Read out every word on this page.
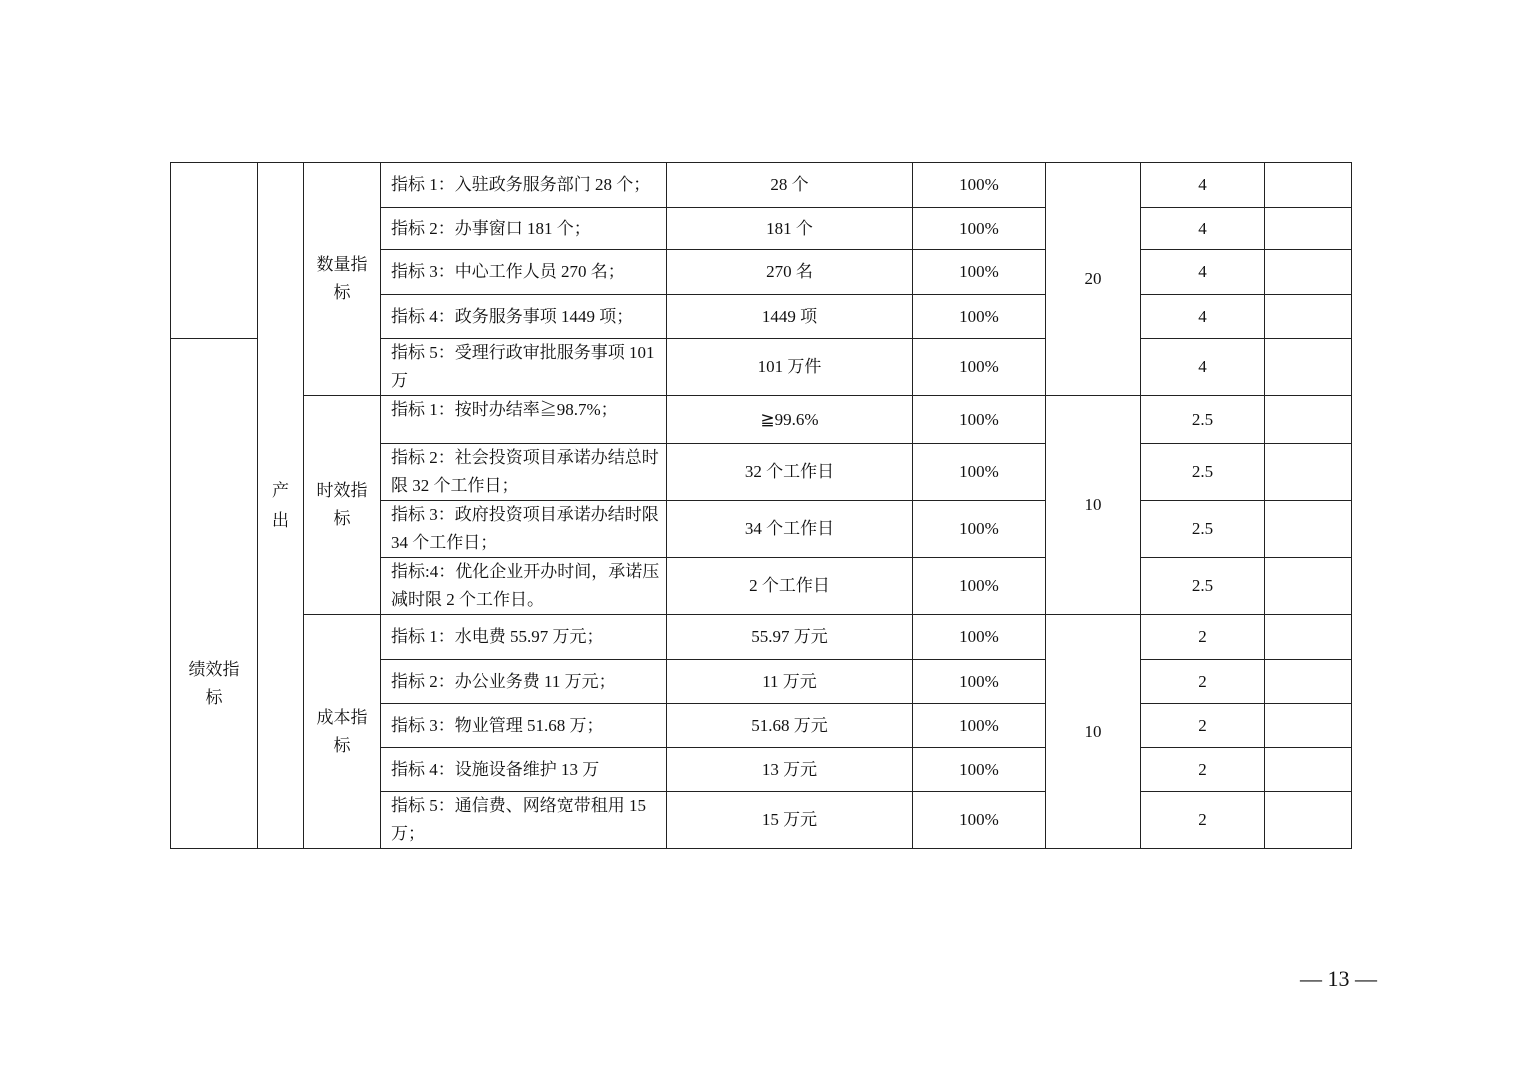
	产出	数量指标	指标 1：入驻政务服务部门 28 个；	28 个	100%	20	4	
			指标 2：办事窗口 181 个；	181 个	100%		4	
			指标 3：中心工作人员 270 名；	270 名	100%		4	
			指标 4：政务服务事项 1449 项；	1449 项	100%		4	
绩效指标			指标 5：受理行政审批服务事项 101 万	101 万件	100%		4	
		时效指标	指标 1：按时办结率≧98.7%；	≧99.6%	100%	10	2.5	
			指标 2：社会投资项目承诺办结总时限 32 个工作日；	32 个工作日	100%		2.5	
			指标 3：政府投资项目承诺办结时限 34 个工作日；	34 个工作日	100%		2.5	
			指标:4：优化企业开办时间，承诺压减时限 2 个工作日。	2 个工作日	100%		2.5	
		成本指标	指标 1：水电费 55.97 万元；	55.97 万元	100%	10	2	
			指标 2：办公业务费 11 万元；	11 万元	100%		2	
			指标 3：物业管理 51.68 万；	51.68 万元	100%		2	
			指标 4：设施设备维护 13 万	13 万元	100%		2	
			指标 5：通信费、网络宽带租用 15 万；	15 万元	100%		2	
— 13 —
